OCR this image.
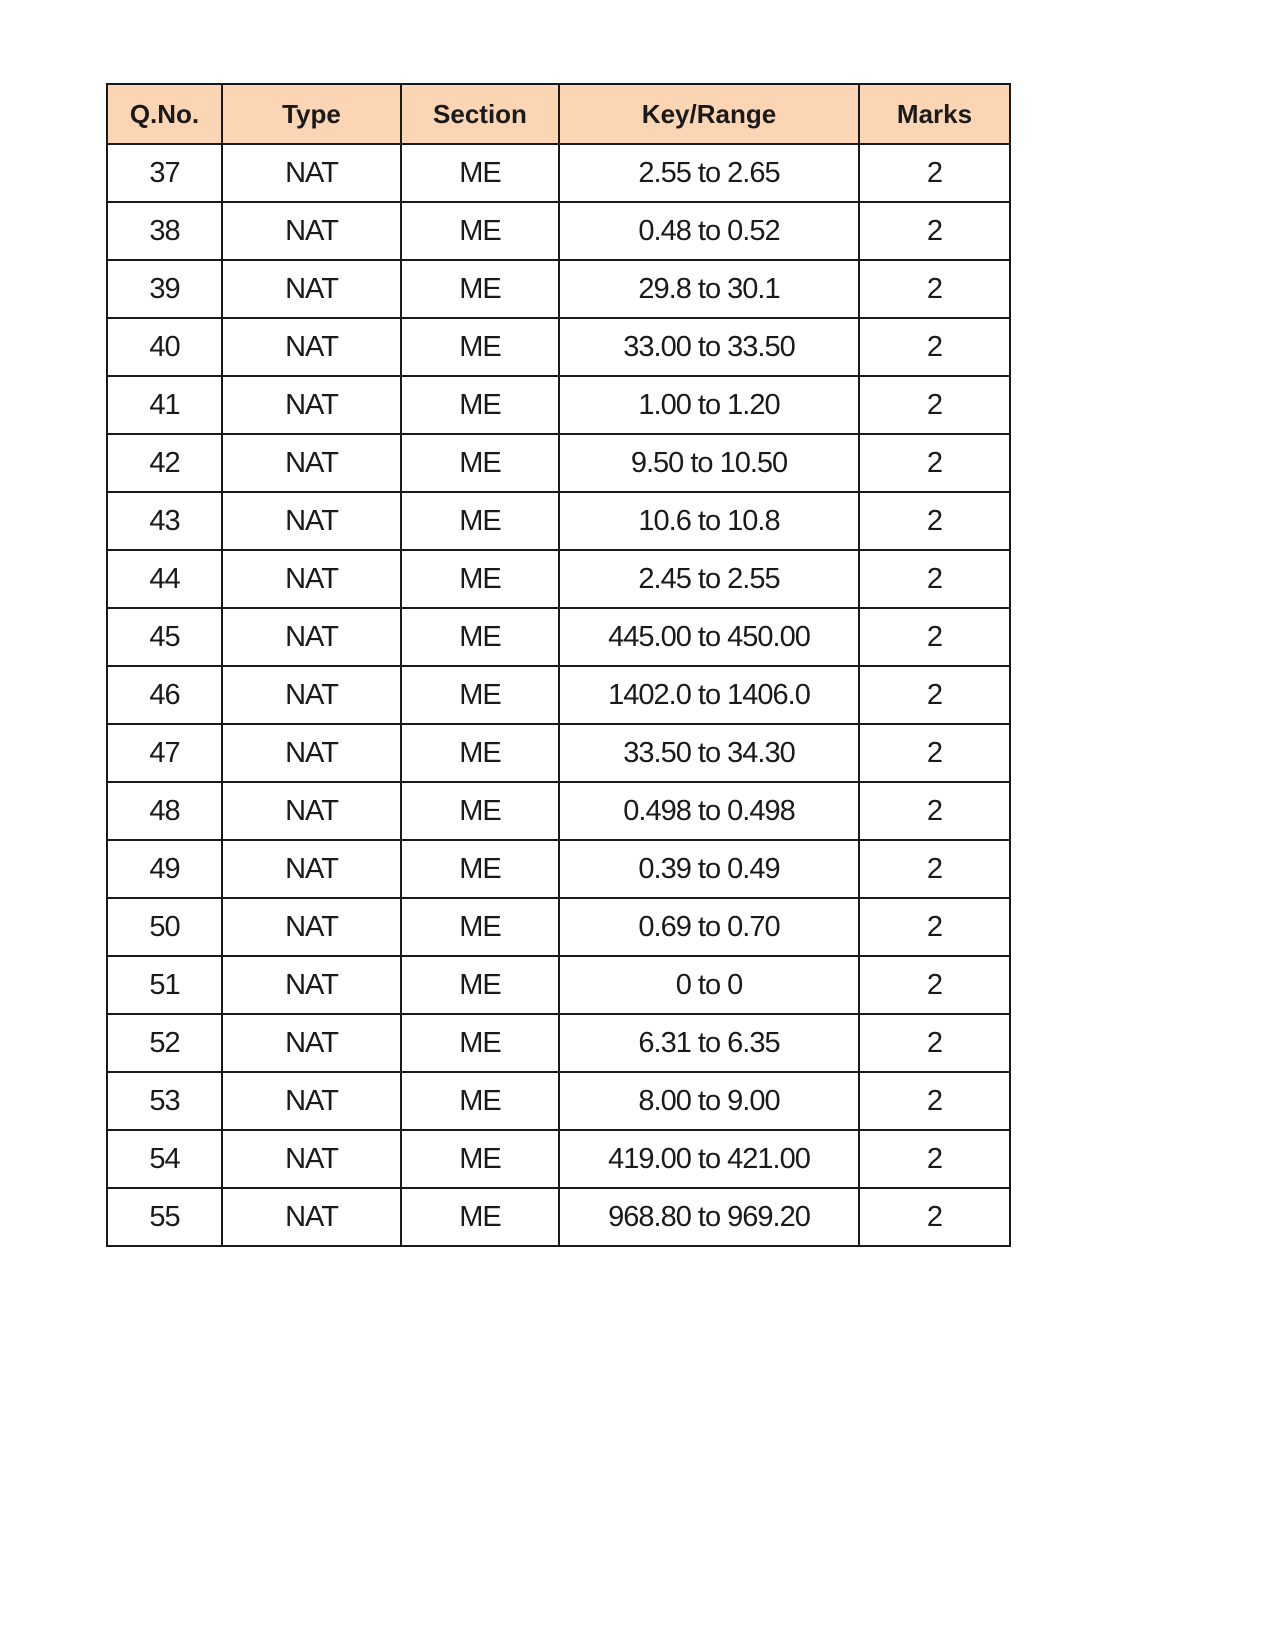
Q.No.	Type	Section	Key/Range	Marks
37	NAT	ME	2.55 to 2.65	2
38	NAT	ME	0.48 to 0.52	2
39	NAT	ME	29.8 to 30.1	2
40	NAT	ME	33.00 to 33.50	2
41	NAT	ME	1.00 to 1.20	2
42	NAT	ME	9.50 to 10.50	2
43	NAT	ME	10.6 to 10.8	2
44	NAT	ME	2.45 to 2.55	2
45	NAT	ME	445.00 to 450.00	2
46	NAT	ME	1402.0 to 1406.0	2
47	NAT	ME	33.50 to 34.30	2
48	NAT	ME	0.498 to 0.498	2
49	NAT	ME	0.39 to 0.49	2
50	NAT	ME	0.69 to 0.70	2
51	NAT	ME	0 to 0	2
52	NAT	ME	6.31 to 6.35	2
53	NAT	ME	8.00 to 9.00	2
54	NAT	ME	419.00 to 421.00	2
55	NAT	ME	968.80 to 969.20	2
